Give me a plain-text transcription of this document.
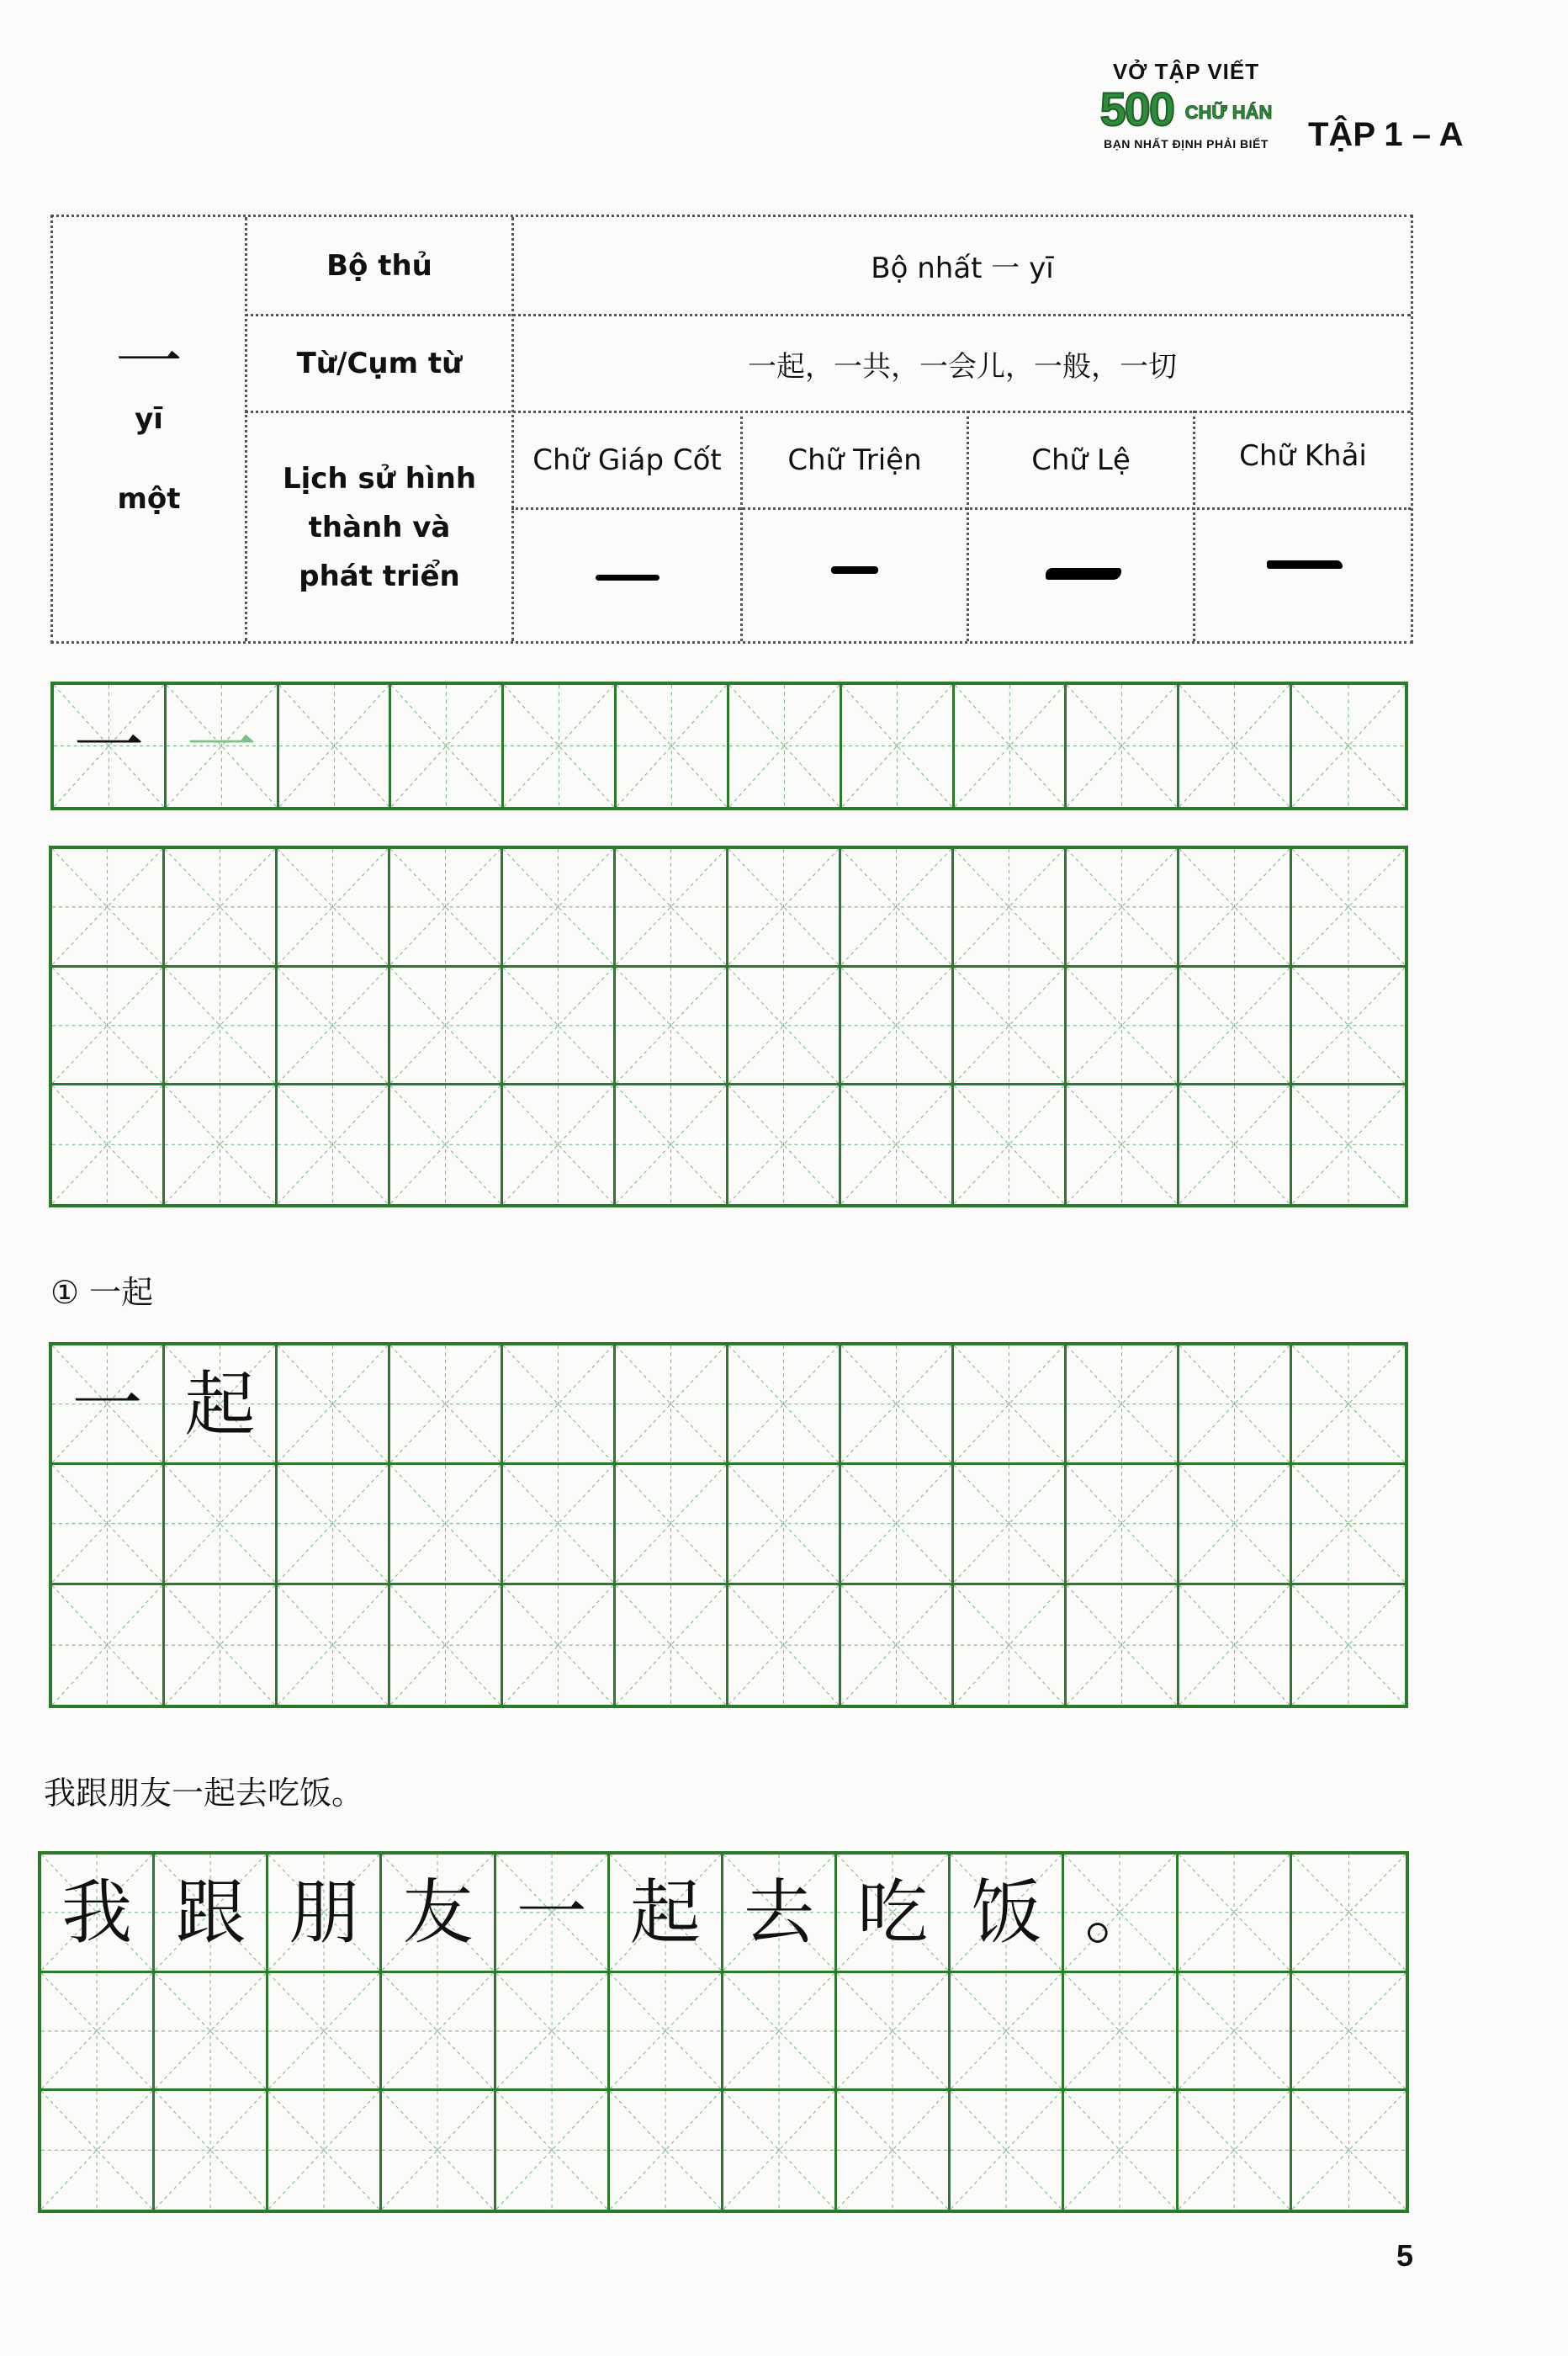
VỞ TẬP VIẾT
500 CHỮ HÁN
BẠN NHẤT ĐỊNH PHẢI BIẾT	TẬP 1 – A
一
yī
một
Bộ thủ	Bộ nhất 一 yī
Từ/Cụm từ	一起，一共，一会儿，一般，一切
Lịch sử hình thành và phát triển
Chữ Giáp Cốt	Chữ Triện	Chữ Lệ	Chữ Khải
一 一
① 一起
一 起
我跟朋友一起去吃饭。
我 跟 朋 友 一 起 去 吃 饭 。
5
